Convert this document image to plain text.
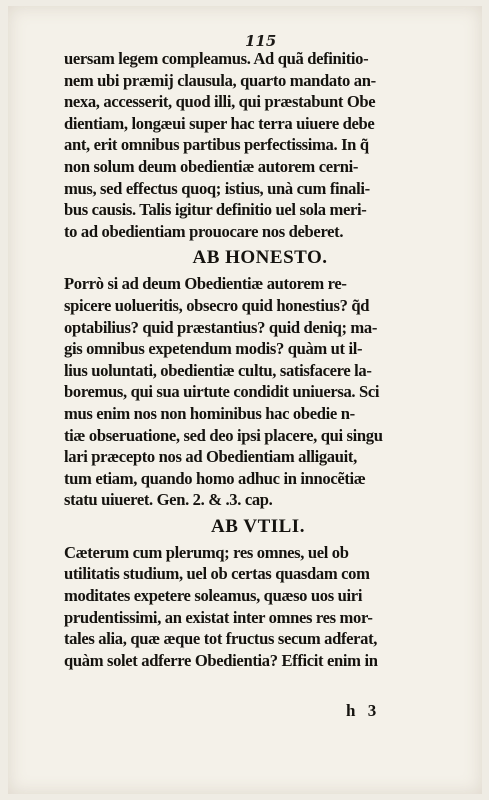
115
uersam legem compleamus. Ad quã definitio-
nem ubi præmij clausula, quarto mandato an-
nexa, accesserit, quod illi, qui præstabunt Obe
dientiam, longæui super hac terra uiuere debe
ant, erit omnibus partibus perfectissima. In q̃
non solum deum obedientiæ autorem cerni-
mus, sed effectus quoq; istius, unà cum finali-
bus causis. Talis igitur definitio uel sola meri-
to ad obedientiam prouocare nos deberet.
AB HONESTO.
Porrò si ad deum Obedientiæ autorem re-
spicere uolueritis, obsecro quid honestius? q̃d
optabilius? quid præstantius? quid deniq; ma-
gis omnibus expetendum modis? quàm ut il-
lius uoluntati, obedientiæ cultu, satisfacere la-
boremus, qui sua uirtute condidit uniuersa. Sci
mus enim nos non hominibus hac obedie n-
tiæ obseruatione, sed deo ipsi placere, qui singu
lari præcepto nos ad Obedientiam alligauit,
tum etiam, quando homo adhuc in innocẽtiæ
statu uiueret. Gen. 2. & .3. cap.
AB VTILI.
Cæterum cum plerumq; res omnes, uel ob
utilitatis studium, uel ob certas quasdam com
moditates expetere soleamus, quæso uos uiri
prudentissimi, an existat inter omnes res mor-
tales alia, quæ æque tot fructus secum adferat,
quàm solet adferre Obedientia? Efficit enim in
h 3
